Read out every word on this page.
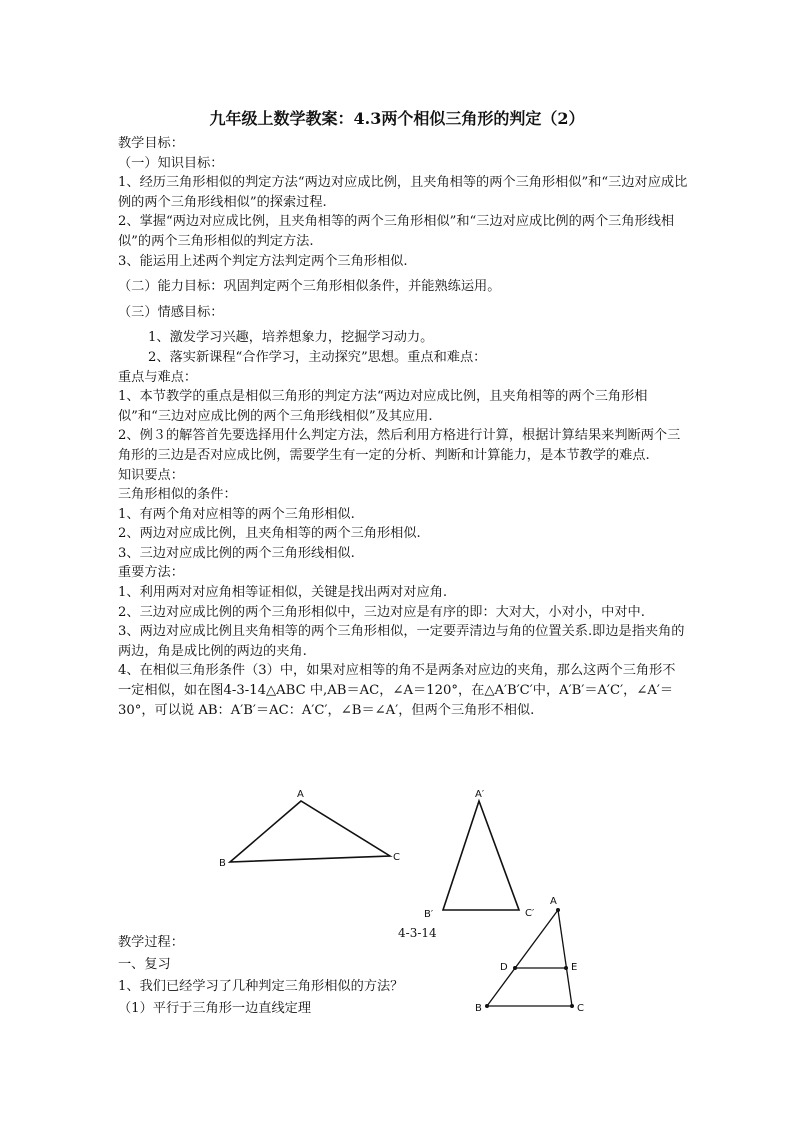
九年级上数学教案：4.3两个相似三角形的判定（2）

教学目标：

（一）知识目标：

1、经历三角形相似的判定方法“两边对应成比例，且夹角相等的两个三角形相似”和“三边对应成比例的两个三角形线相似”的探索过程.

2、掌握“两边对应成比例，且夹角相等的两个三角形相似”和“三边对应成比例的两个三角形线相似”的两个三角形相似的判定方法.

3、能运用上述两个判定方法判定两个三角形相似.

（二）能力目标：巩固判定两个三角形相似条件，并能熟练运用。

（三）情感目标：

1、激发学习兴趣，培养想象力，挖掘学习动力。

2、落实新课程“合作学习，主动探究”思想。重点和难点：

重点与难点：

1、本节教学的重点是相似三角形的判定方法“两边对应成比例，且夹角相等的两个三角形相似”和“三边对应成比例的两个三角形线相似”及其应用.

2、例３的解答首先要选择用什么判定方法，然后利用方格进行计算，根据计算结果来判断两个三角形的三边是否对应成比例，需要学生有一定的分析、判断和计算能力，是本节教学的难点.

知识要点：

三角形相似的条件：

1、有两个角对应相等的两个三角形相似.

2、两边对应成比例，且夹角相等的两个三角形相似.

3、三边对应成比例的两个三角形线相似.

重要方法：

1、利用两对对应角相等证相似，关键是找出两对对应角.

2、三边对应成比例的两个三角形相似中，三边对应是有序的即：大对大，小对小，中对中.

3、两边对应成比例且夹角相等的两个三角形相似，一定要弄清边与角的位置关系.即边是指夹角的两边，角是成比例的两边的夹角.

4、在相似三角形条件（3）中，如果对应相等的角不是两条对应边的夹角，那么这两个三角形不一定相似，如在图4-3-14△ABC 中,AB＝AC，∠A＝120°，在△A′B′C′中，A′B′＝A′C′，∠A′＝30°，可以说 AB：A′B′＝AC：A′C′，∠B＝∠A′，但两个三角形不相似.

A
B
C
A′
B′	C′
A
B	C
D	E
4-3-14

教学过程：

一、复习

1、我们已经学习了几种判定三角形相似的方法？

（1）平行于三角形一边直线定理
